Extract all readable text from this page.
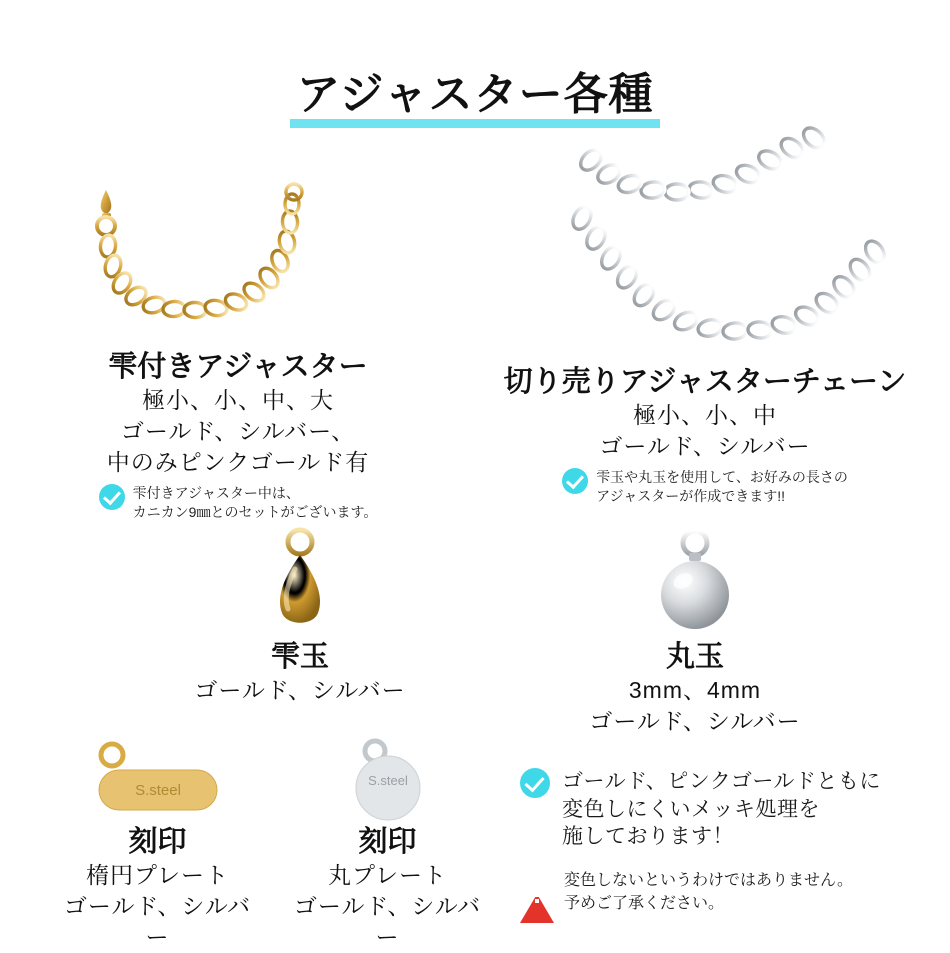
アジャスター各種
雫付きアジャスター
極小、小、中、大
ゴールド、シルバー、
中のみピンクゴールド有
雫付きアジャスター中は、
カニカン9㎜とのセットがございます。
切り売りアジャスターチェーン
極小、小、中
ゴールド、シルバー
雫玉や丸玉を使用して、お好みの長さの
アジャスターが作成できます!!
雫玉
ゴールド、シルバー
丸玉
3mm、4mm
ゴールド、シルバー
S.steel
刻印
楕円プレート
ゴールド、シルバー
S.steel
刻印
丸プレート
ゴールド、シルバー
ゴールド、ピンクゴールドともに
変色しにくいメッキ処理を
施しております！
変色しないというわけではありません。
予めご了承ください。
